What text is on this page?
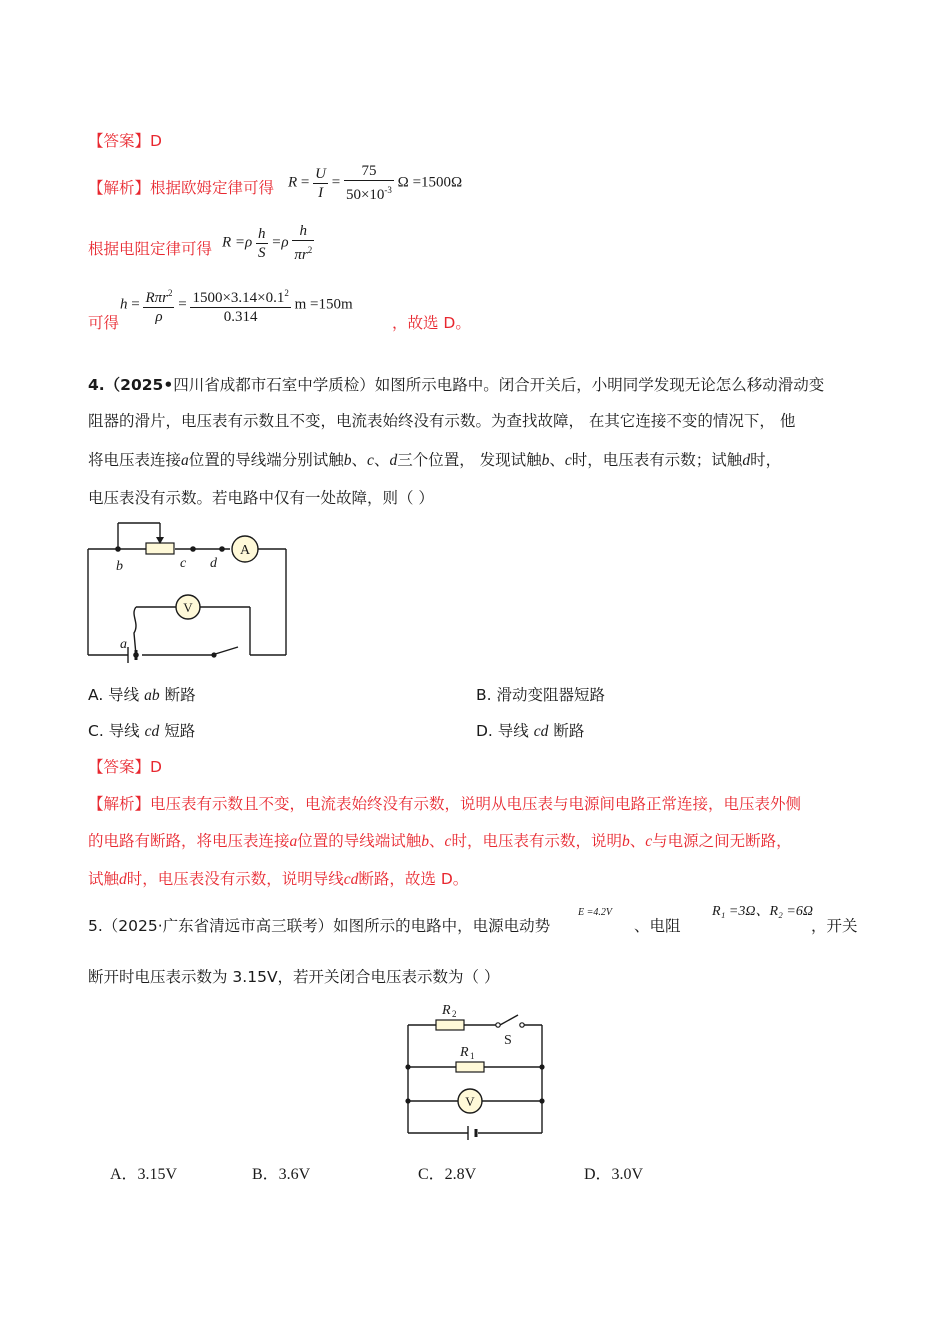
【答案】D
【解析】根据欧姆定律可得 $R = \frac{U}{I} = \frac{75}{50\times 10^{-3}}$ Ω =1500Ω
根据电阻定律可得 $R =\rho \frac{h}{S} =\rho \frac{h}{\pi r^2}$
可得
$h = \frac{R\pi r^2}{\rho} = \frac{1500\times 3.14\times 0.1^2}{0.314}$ m =150m
，故选 D。
4.（2025•四川省成都市石室中学质检）如图所示电路中。闭合开关后，小明同学发现无论怎么移动滑动变
阻器的滑片，电压表有示数且不变，电流表始终没有示数。为查找故障， 在其它连接不变的情况下， 他
将电压表连接a位置的导线端分别试触b、c、d三个位置， 发现试触b、c时，电压表有示数；试触d时，
电压表没有示数。若电路中仅有一处故障，则（ ）
A
V
b	c d
a
A. 导线 ab 断路	B. 滑动变阻器短路
C. 导线 cd 短路	D. 导线 cd 断路
【答案】D
【解析】电压表有示数且不变，电流表始终没有示数，说明从电压表与电源间电路正常连接，电压表外侧
的电路有断路，将电压表连接a位置的导线端试触b、c时，电压表有示数，说明b、c与电源之间无断路，
试触d时，电压表没有示数，说明导线cd断路，故选 D。
5.（2025·广东省清远市高三联考）如图所示的电路中，电源电动势
E =4.2V
、电阻
R₁ =3Ω、R₂ =6Ω
，开关
断开时电压表示数为 3.15V，若开关闭合电压表示数为（ ）
V
R 2
S
R 1
A．3.15V	B．3.6V	C．2.8V	D．3.0V
